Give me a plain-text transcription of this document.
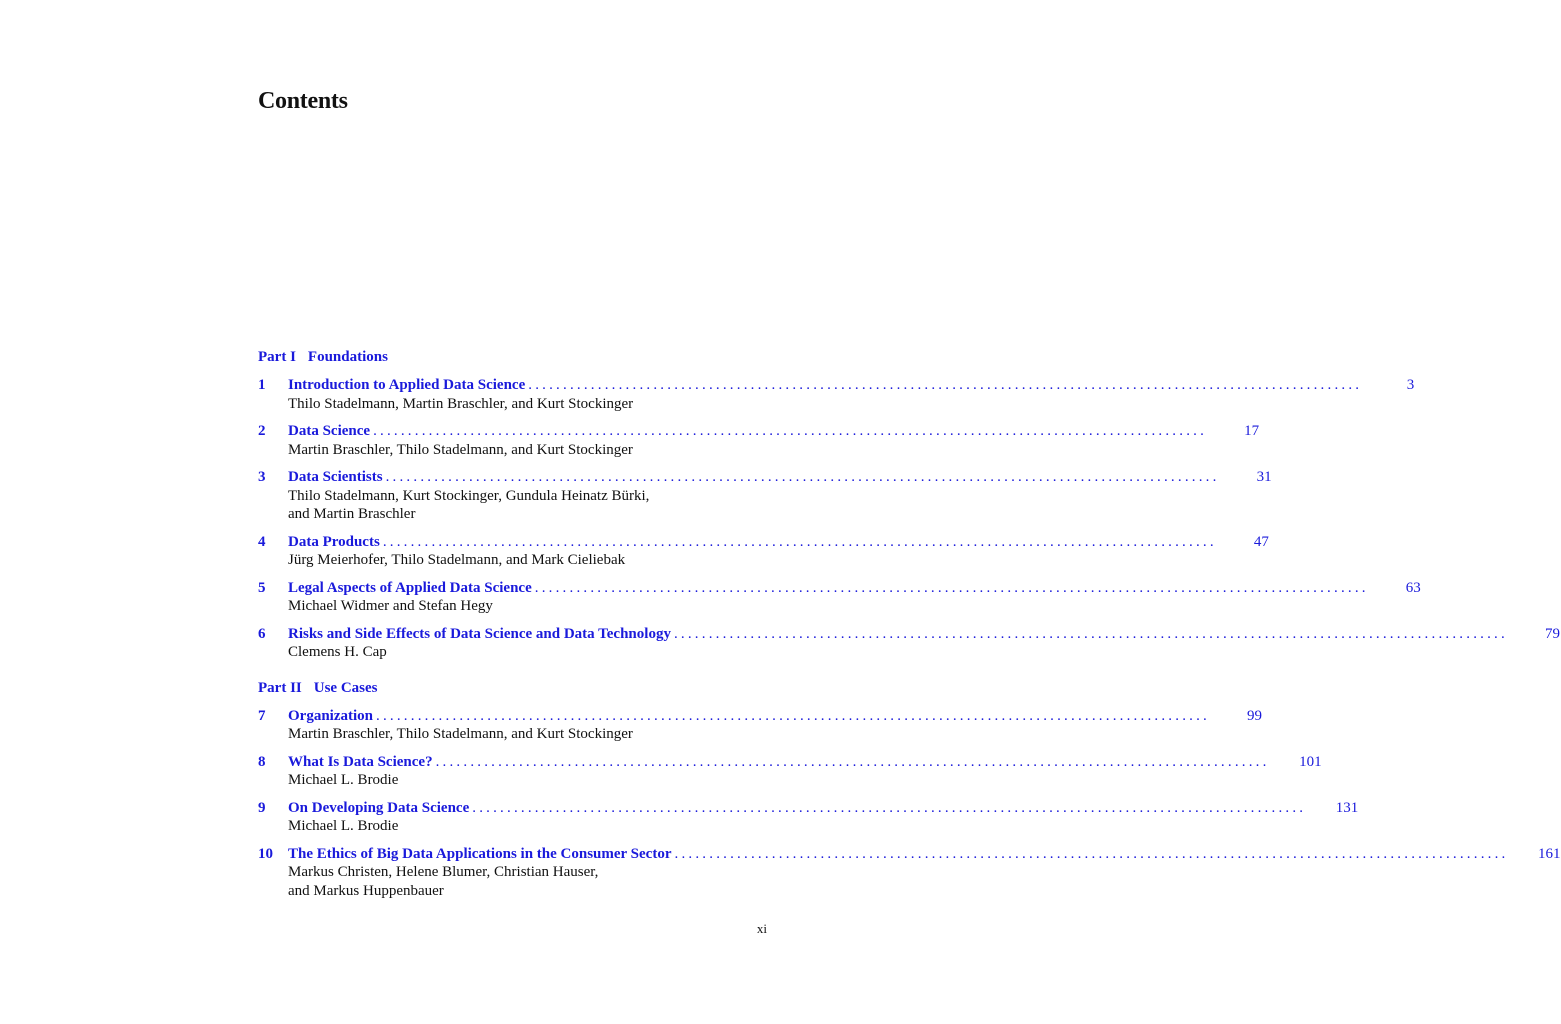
Contents
Part I Foundations
1	Introduction to Applied Data Science ........................................................................................................................	3
Thilo Stadelmann, Martin Braschler, and Kurt Stockinger
2	Data Science ........................................................................................................................	17
Martin Braschler, Thilo Stadelmann, and Kurt Stockinger
3	Data Scientists ........................................................................................................................	31
Thilo Stadelmann, Kurt Stockinger, Gundula Heinatz Bürki,
and Martin Braschler
4	Data Products ........................................................................................................................	47
Jürg Meierhofer, Thilo Stadelmann, and Mark Cieliebak
5	Legal Aspects of Applied Data Science ........................................................................................................................	63
Michael Widmer and Stefan Hegy
6	Risks and Side Effects of Data Science and Data Technology ........................................................................................................................	79
Clemens H. Cap
Part II Use Cases
7	Organization ........................................................................................................................	99
Martin Braschler, Thilo Stadelmann, and Kurt Stockinger
8	What Is Data Science? ........................................................................................................................	101
Michael L. Brodie
9	On Developing Data Science ........................................................................................................................	131
Michael L. Brodie
10	The Ethics of Big Data Applications in the Consumer Sector ........................................................................................................................	161
Markus Christen, Helene Blumer, Christian Hauser,
and Markus Huppenbauer
xi
